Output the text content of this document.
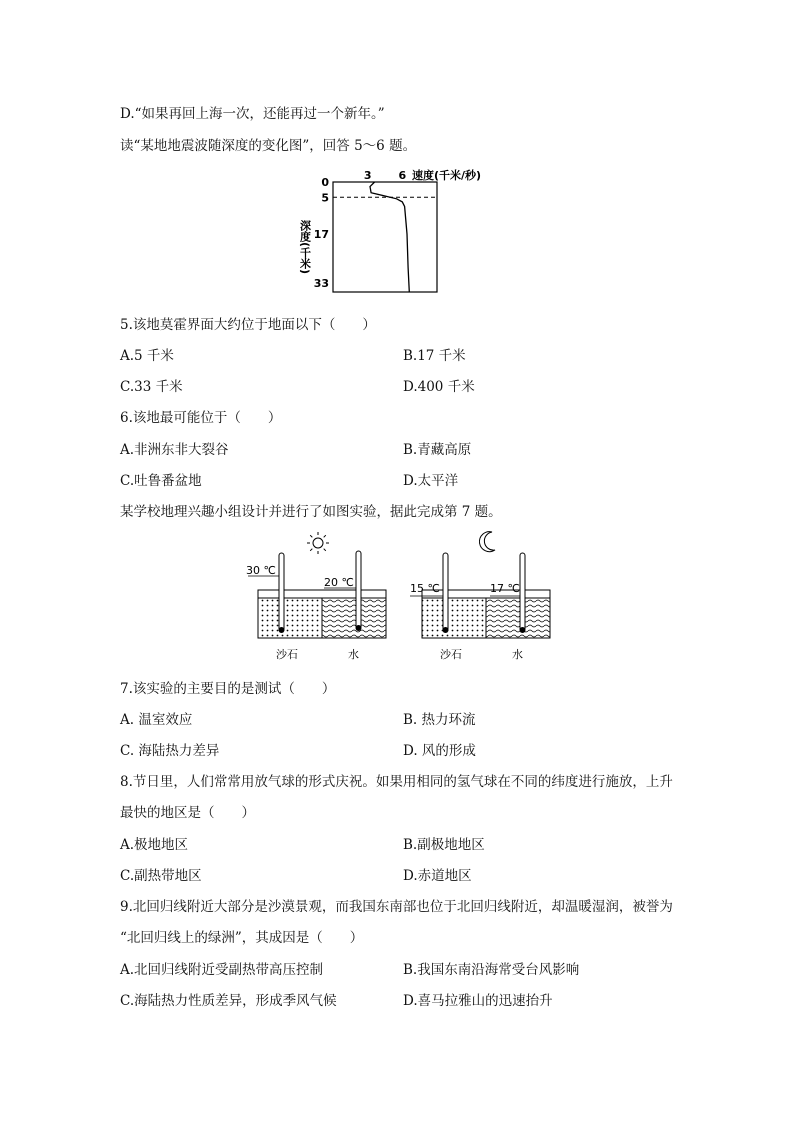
D.“如果再回上海一次，还能再过一个新年。”
读“某地地震波随深度的变化图”，回答 5～6 题。
3 6 速度(千米/秒)
0
5
17
33
深度(千米)
5.该地莫霍界面大约位于地面以下（　　）
A.5 千米	B.17 千米
C.33 千米	D.400 千米
6.该地最可能位于（　　）
A.非洲东非大裂谷	B.青藏高原
C.吐鲁番盆地	D.太平洋
某学校地理兴趣小组设计并进行了如图实验，据此完成第 7 题。
30 ℃
20 ℃
沙石	水
15 ℃	17 ℃
沙石	水
7.该实验的主要目的是测试（　　）
A. 温室效应	B. 热力环流
C. 海陆热力差异	D. 风的形成
8.节日里，人们常常用放气球的形式庆祝。如果用相同的氢气球在不同的纬度进行施放，上升
最快的地区是（　　）
A.极地地区	B.副极地地区
C.副热带地区	D.赤道地区
9.北回归线附近大部分是沙漠景观，而我国东南部也位于北回归线附近，却温暖湿润，被誉为
“北回归线上的绿洲”，其成因是（　　）
A.北回归线附近受副热带高压控制	B.我国东南沿海常受台风影响
C.海陆热力性质差异，形成季风气候	D.喜马拉雅山的迅速抬升
